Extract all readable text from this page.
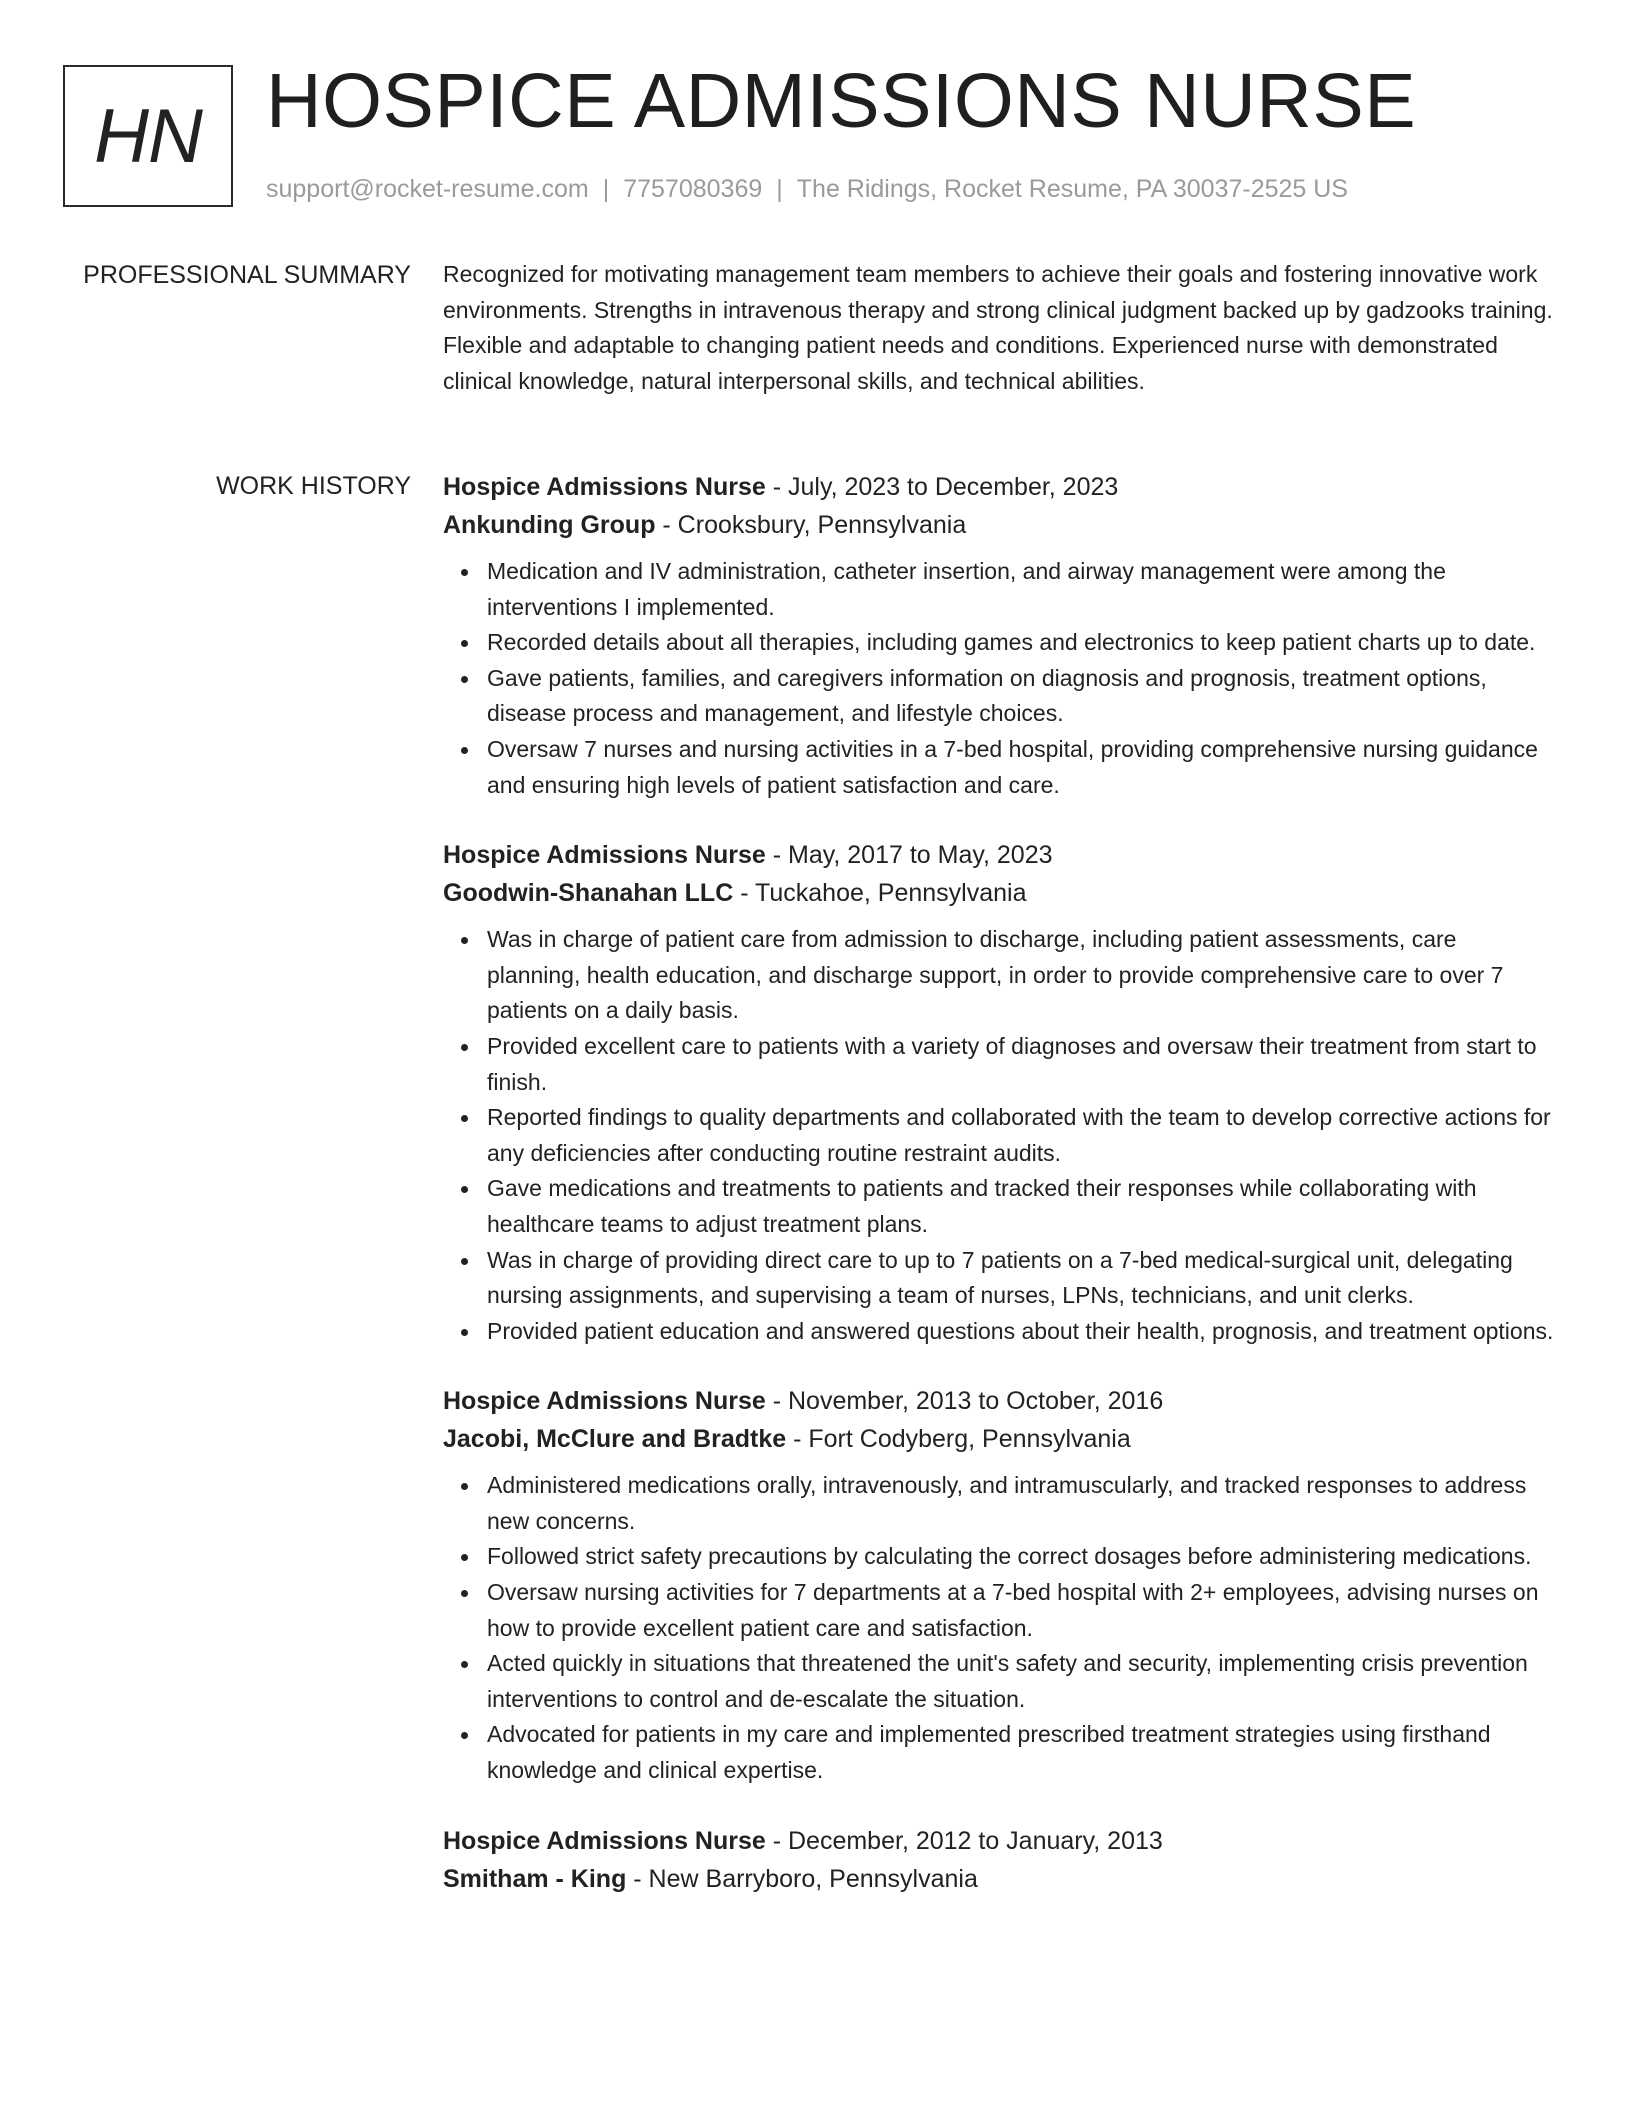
HN HOSPICE ADMISSIONS NURSE
support@rocket-resume.com | 7757080369 | The Ridings, Rocket Resume, PA 30037-2525 US
PROFESSIONAL SUMMARY Recognized for motivating management team members to achieve their goals and fostering innovative work environments. Strengths in intravenous therapy and strong clinical judgment backed up by gadzooks training. Flexible and adaptable to changing patient needs and conditions. Experienced nurse with demonstrated clinical knowledge, natural interpersonal skills, and technical abilities.

WORK HISTORY Hospice Admissions Nurse - July, 2023 to December, 2023

Ankunding Group - Crooksbury, Pennsylvania

Medication and IV administration, catheter insertion, and airway management were among the interventions I implemented.
Recorded details about all therapies, including games and electronics to keep patient charts up to date.
Gave patients, families, and caregivers information on diagnosis and prognosis, treatment options, disease process and management, and lifestyle choices.
Oversaw 7 nurses and nursing activities in a 7-bed hospital, providing comprehensive nursing guidance and ensuring high levels of patient satisfaction and care.

Hospice Admissions Nurse - May, 2017 to May, 2023

Goodwin-Shanahan LLC - Tuckahoe, Pennsylvania

Was in charge of patient care from admission to discharge, including patient assessments, care planning, health education, and discharge support, in order to provide comprehensive care to over 7 patients on a daily basis.
Provided excellent care to patients with a variety of diagnoses and oversaw their treatment from start to finish.
Reported findings to quality departments and collaborated with the team to develop corrective actions for any deficiencies after conducting routine restraint audits.
Gave medications and treatments to patients and tracked their responses while collaborating with healthcare teams to adjust treatment plans.
Was in charge of providing direct care to up to 7 patients on a 7-bed medical-surgical unit, delegating nursing assignments, and supervising a team of nurses, LPNs, technicians, and unit clerks.
Provided patient education and answered questions about their health, prognosis, and treatment options.

Hospice Admissions Nurse - November, 2013 to October, 2016

Jacobi, McClure and Bradtke - Fort Codyberg, Pennsylvania

Administered medications orally, intravenously, and intramuscularly, and tracked responses to address new concerns.
Followed strict safety precautions by calculating the correct dosages before administering medications.
Oversaw nursing activities for 7 departments at a 7-bed hospital with 2+ employees, advising nurses on how to provide excellent patient care and satisfaction.
Acted quickly in situations that threatened the unit's safety and security, implementing crisis prevention interventions to control and de-escalate the situation.
Advocated for patients in my care and implemented prescribed treatment strategies using firsthand knowledge and clinical expertise.

Hospice Admissions Nurse - December, 2012 to January, 2013

Smitham - King - New Barryboro, Pennsylvania
